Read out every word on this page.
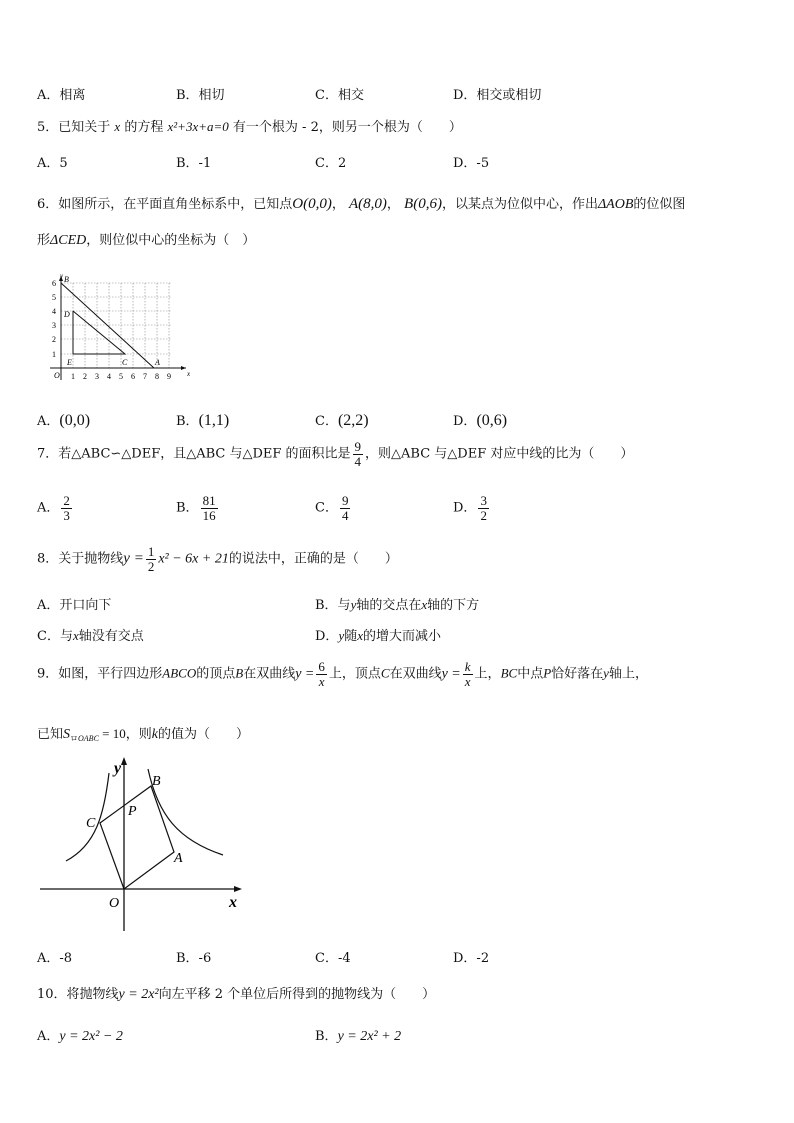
A．相离	B．相切	C．相交	D．相交或相切
5．已知关于 x 的方程 x²+3x+a=0 有一个根为 - 2，则另一个根为（　　）
A．5	B．-1	C．2	D．-5
6．如图所示，在平面直角坐标系中，已知点O(0,0)， A(8,0)， B(0,6)，以某点为位似中心，作出ΔAOB的位似图
形ΔCED，则位似中心的坐标为（　）
y
x
O 1 2 3 4 5 6 7 8 9
1
2
3
4
5
6 B
D
E	C	A
A．(0,0)	B．(1,1)	C．(2,2)	D．(0,6)
7．若△ABC∽△DEF，且△ABC 与△DEF 的面积比是 $\frac{9}{4}$ ，则△ABC 与△DEF 对应中线的比为（　　）
A． $\frac{2}{3}$	B． $\frac{81}{16}$	C． $\frac{9}{4}$	D． $\frac{3}{2}$
8．关于抛物线$y = \frac{1}{2} x^2 - 6x + 21$的说法中，正确的是（　　）
A．开口向下	B．与y轴的交点在x轴的下方
C．与x轴没有交点	D．y随x的增大而减小
9．如图，平行四边形ABCO的顶点B在双曲线$y = \frac{6}{x}$ 上，顶点C在双曲线$y = \frac{k}{x}$ 上，BC中点P恰好落在y轴上，
已知$S_{ロOABC} = 10$，则k的值为（　　）
y
x
O
A
B
C
P
A．-8	B．-6	C．-4	D．-2
10．将抛物线y = 2x²向左平移 2 个单位后所得到的抛物线为（　　）
A．y = 2x² − 2	B．y = 2x² + 2
